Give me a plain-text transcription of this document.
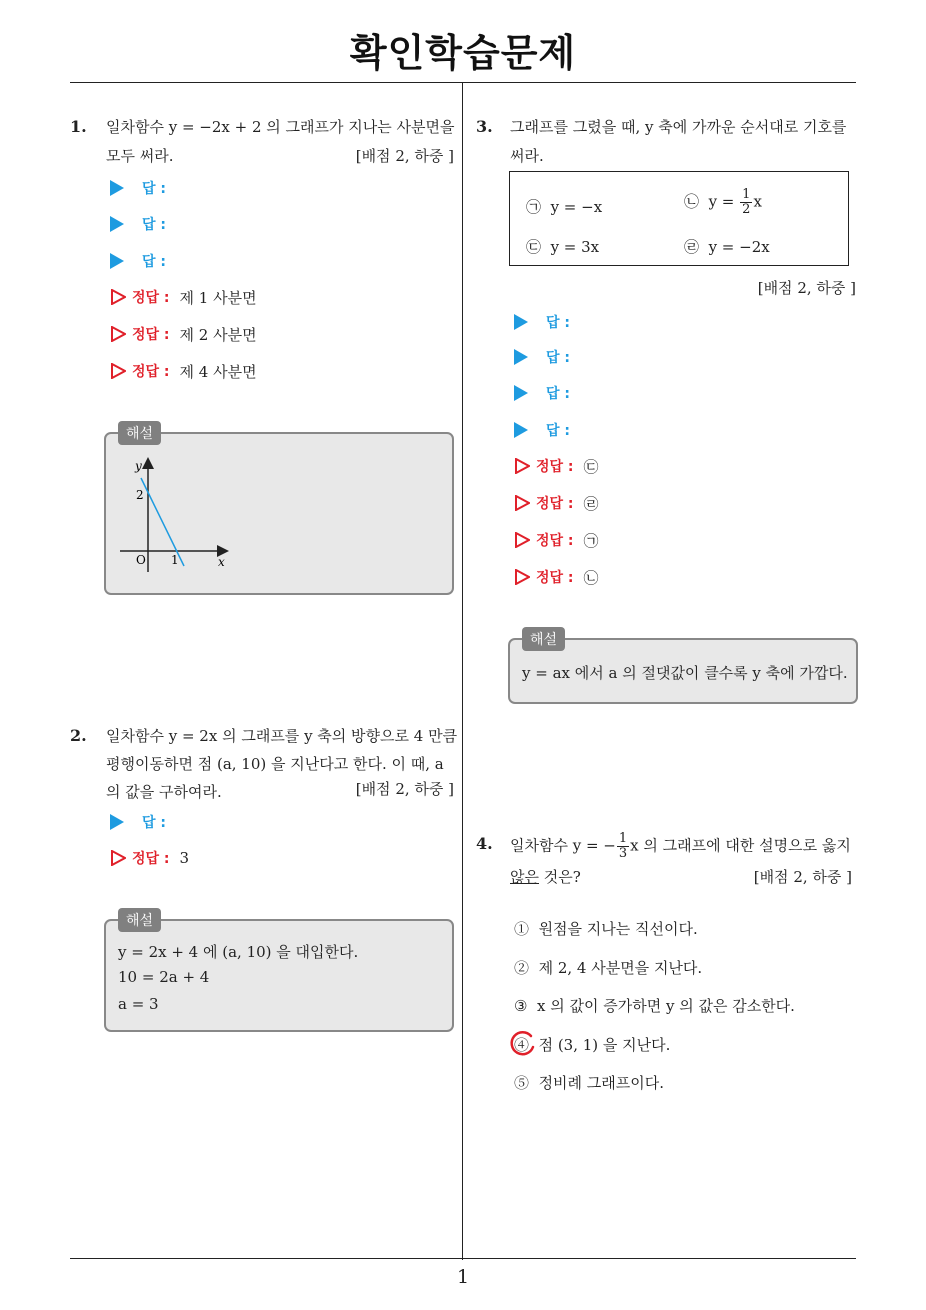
확인학습문제
1
1. 일차함수 y = −2x + 2 의 그래프가 지나는 사분면을
모두 써라.	[배점 2, 하중 ]
답 :
답 :
답 :
정답 : 제 1 사분면
정답 : 제 2 사분면
정답 : 제 4 사분면
y
x
O 1
2
해설
2. 일차함수 y = 2x 의 그래프를 y 축의 방향으로 4 만큼
평행이동하면 점 (a, 10) 을 지난다고 한다. 이 때, a
의 값을 구하여라.	[배점 2, 하중 ]
답 :
정답 : 3
y = 2x + 4 에 (a, 10) 을 대입한다.
10 = 2a + 4
a = 3
해설
3. 그래프를 그렸을 때, y 축에 가까운 순서대로 기호를
써라.
㉠ y = −x	㉡ $y = \frac{1}{2}$ x
㉢ y = 3x	㉣ y = −2x
[배점 2, 하중 ]
답 :
답 :
답 :
답 :
정답 : ㉢
정답 : ㉣
정답 : ㉠
정답 : ㉡
y = ax 에서 a 의 절댓값이 클수록 y 축에 가깝다.
해설
4. 일차함수 y = − $\frac{1}{3}$ x 의 그래프에 대한 설명으로 옳지
않은 것은?	[배점 2, 하중 ]
① 원점을 지나는 직선이다.
② 제 2, 4 사분면을 지난다.
③ x 의 값이 증가하면 y 의 값은 감소한다.
④ 점 (3, 1) 을 지난다.
⑤ 정비례 그래프이다.
